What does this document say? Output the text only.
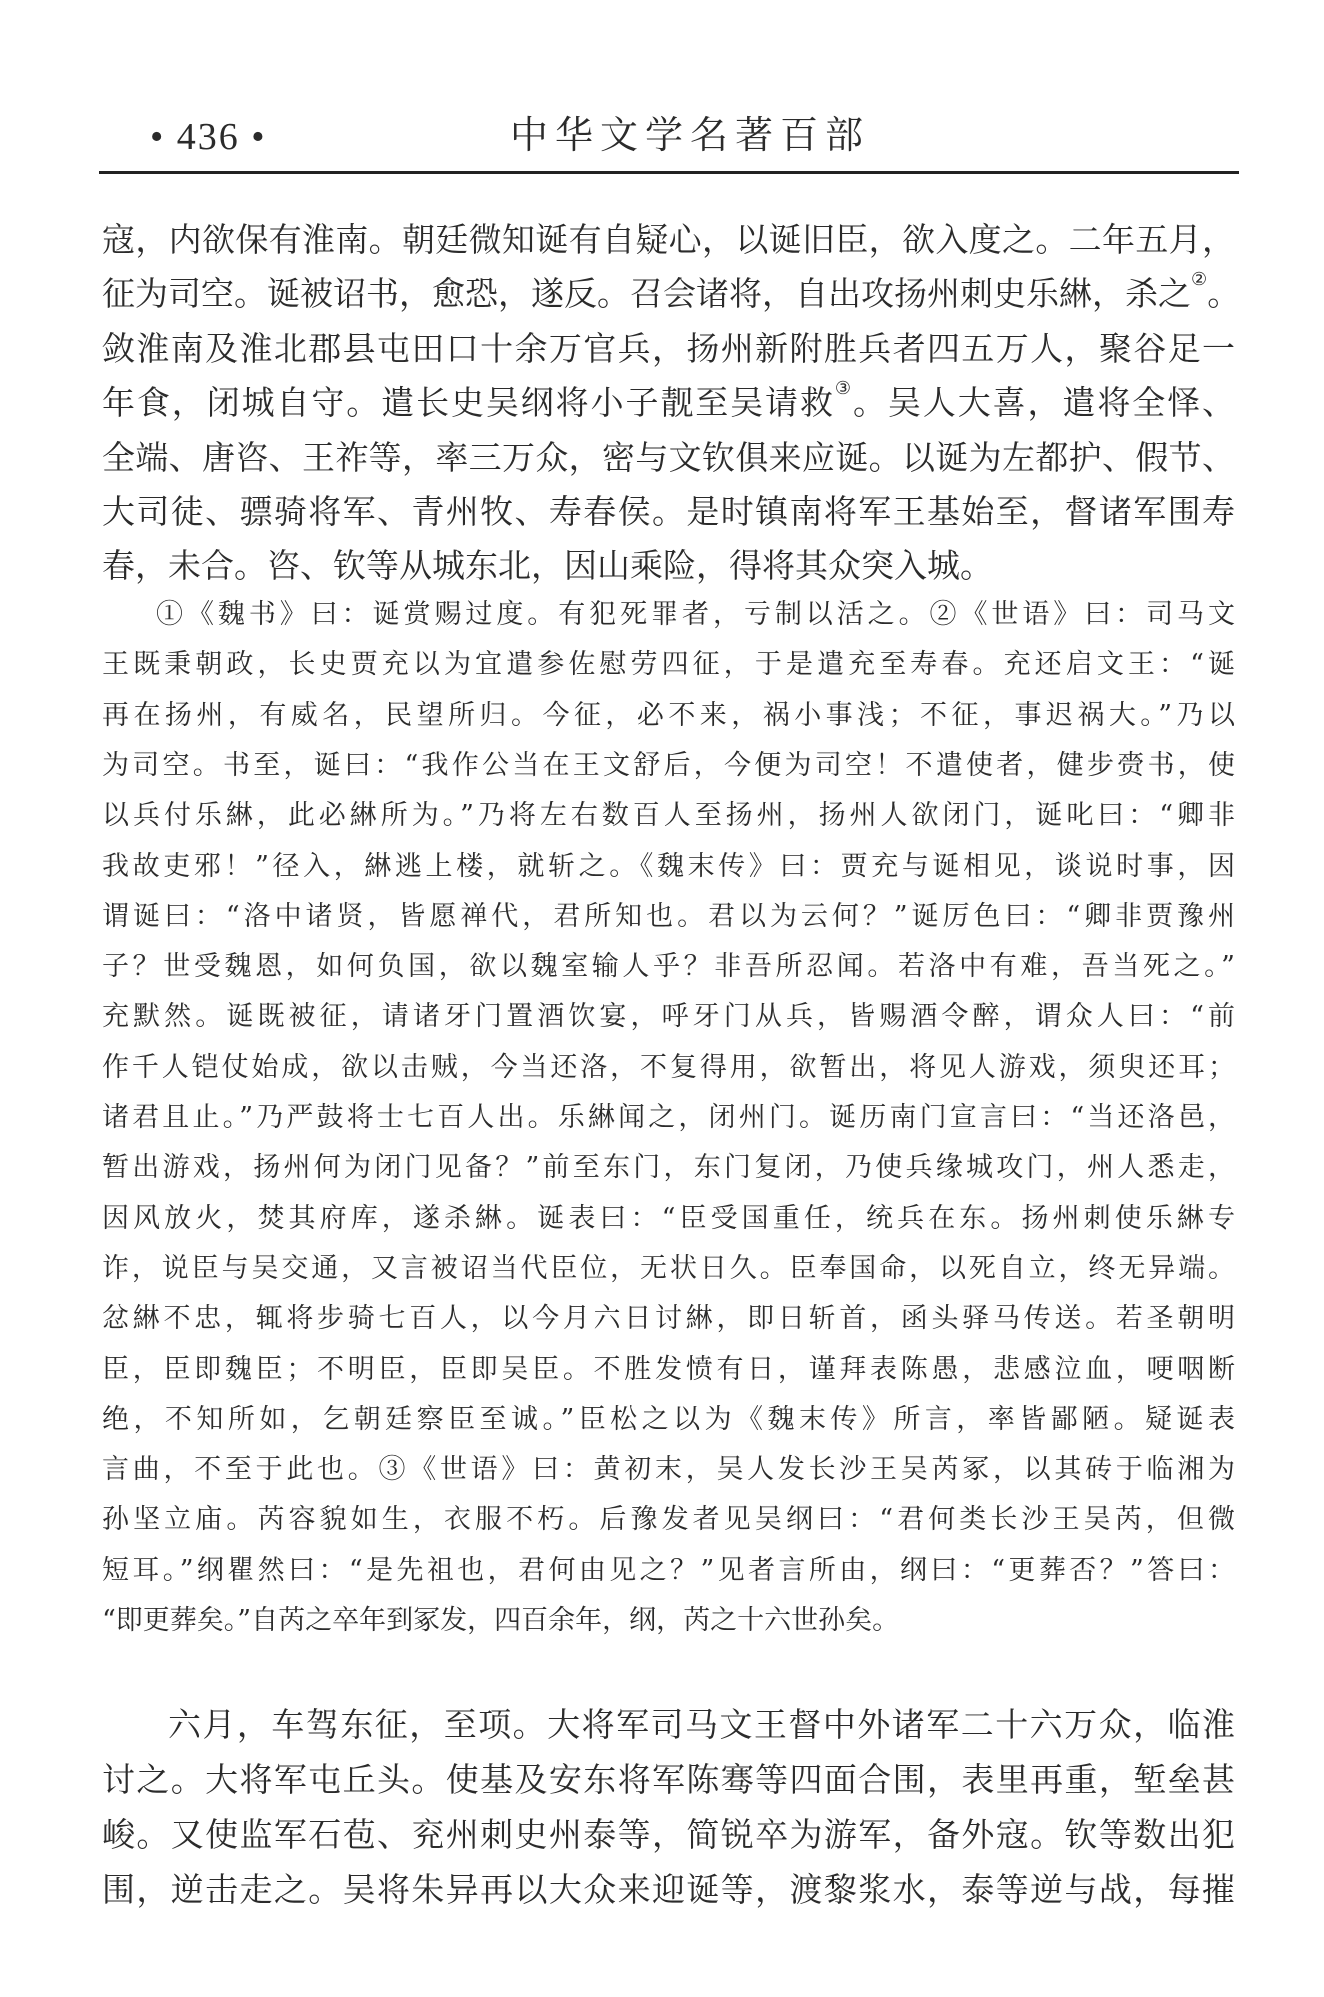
• 436 •	中华文学名著百部
寇，内欲保有淮南。朝廷微知诞有自疑心，以诞旧臣，欲入度之。二年五月，
征为司空。诞被诏书，愈恐，遂反。召会诸将，自出攻扬州刺史乐綝，杀之②。
敛淮南及淮北郡县屯田口十余万官兵，扬州新附胜兵者四五万人，聚谷足一
年食，闭城自守。遣长史吴纲将小子靓至吴请救③。吴人大喜，遣将全怿、
全端、唐咨、王祚等，率三万众，密与文钦俱来应诞。以诞为左都护、假节、
大司徒、骠骑将军、青州牧、寿春侯。是时镇南将军王基始至，督诸军围寿
春，未合。咨、钦等从城东北，因山乘险，得将其众突入城。
①《魏书》曰：诞赏赐过度。有犯死罪者，亏制以活之。②《世语》曰：司马文
王既秉朝政，长史贾充以为宜遣参佐慰劳四征，于是遣充至寿春。充还启文王：“诞
再在扬州，有威名，民望所归。今征，必不来，祸小事浅；不征，事迟祸大。”乃以
为司空。书至，诞曰：“我作公当在王文舒后，今便为司空！不遣使者，健步赍书，使
以兵付乐綝，此必綝所为。”乃将左右数百人至扬州，扬州人欲闭门，诞叱曰：“卿非
我故吏邪！”径入，綝逃上楼，就斩之。《魏末传》曰：贾充与诞相见，谈说时事，因
谓诞曰：“洛中诸贤，皆愿禅代，君所知也。君以为云何？”诞厉色曰：“卿非贾豫州
子？世受魏恩，如何负国，欲以魏室输人乎？非吾所忍闻。若洛中有难，吾当死之。”
充默然。诞既被征，请诸牙门置酒饮宴，呼牙门从兵，皆赐酒令醉，谓众人曰：“前
作千人铠仗始成，欲以击贼，今当还洛，不复得用，欲暂出，将见人游戏，须臾还耳；
诸君且止。”乃严鼓将士七百人出。乐綝闻之，闭州门。诞历南门宣言曰：“当还洛邑，
暂出游戏，扬州何为闭门见备？”前至东门，东门复闭，乃使兵缘城攻门，州人悉走，
因风放火，焚其府库，遂杀綝。诞表曰：“臣受国重任，统兵在东。扬州刺使乐綝专
诈，说臣与吴交通，又言被诏当代臣位，无状日久。臣奉国命，以死自立，终无异端。
忿綝不忠，辄将步骑七百人，以今月六日讨綝，即日斩首，函头驿马传送。若圣朝明
臣，臣即魏臣；不明臣，臣即吴臣。不胜发愤有日，谨拜表陈愚，悲感泣血，哽咽断
绝，不知所如，乞朝廷察臣至诚。”臣松之以为《魏末传》所言，率皆鄙陋。疑诞表
言曲，不至于此也。③《世语》曰：黄初末，吴人发长沙王吴芮冢，以其砖于临湘为
孙坚立庙。芮容貌如生，衣服不朽。后豫发者见吴纲曰：“君何类长沙王吴芮，但微
短耳。”纲瞿然曰：“是先祖也，君何由见之？”见者言所由，纲曰：“更葬否？”答曰：
“即更葬矣。”自芮之卒年到冢发，四百余年，纲，芮之十六世孙矣。
六月，车驾东征，至项。大将军司马文王督中外诸军二十六万众，临淮
讨之。大将军屯丘头。使基及安东将军陈骞等四面合围，表里再重，堑垒甚
峻。又使监军石苞、兖州刺史州泰等，简锐卒为游军，备外寇。钦等数出犯
围，逆击走之。吴将朱异再以大众来迎诞等，渡黎浆水，泰等逆与战，每摧
